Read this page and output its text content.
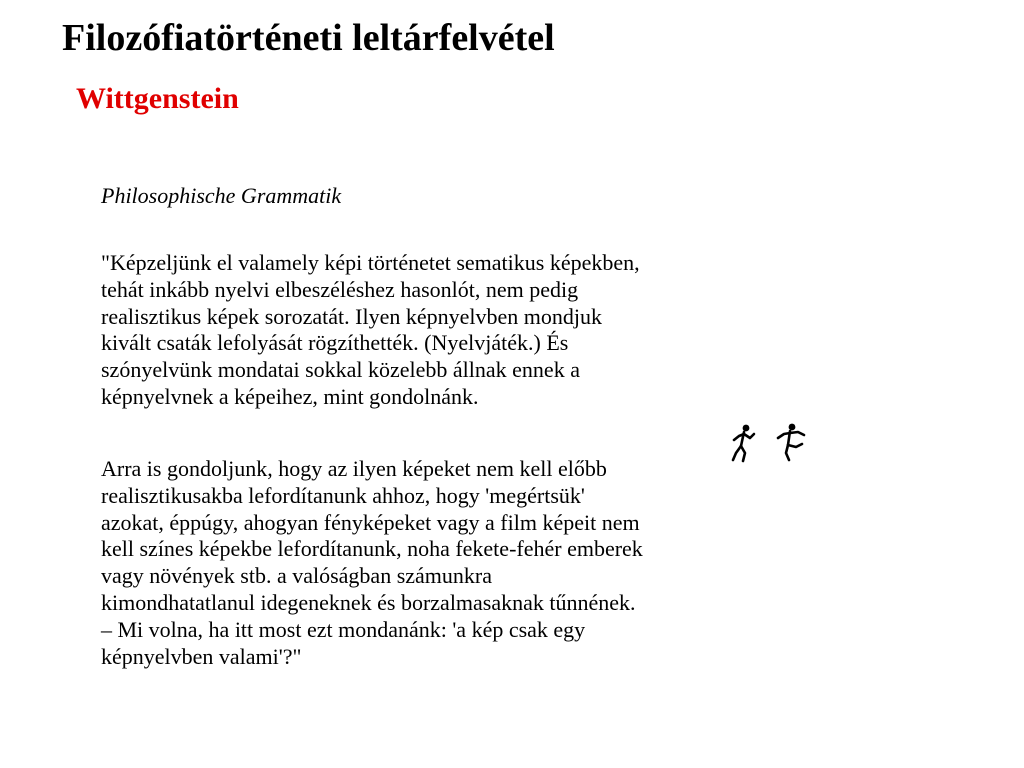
Filozófiatörténeti leltárfelvétel
Wittgenstein

Philosophische Grammatik

"Képzeljünk el valamely képi történetet sematikus képekben,
tehát inkább nyelvi elbeszéléshez hasonlót, nem pedig
realisztikus képek sorozatát. Ilyen képnyelvben mondjuk
kivált csaták lefolyását rögzíthették. (Nyelvjáték.) És
szónyelvünk mondatai sokkal közelebb állnak ennek a
képnyelvnek a képeihez, mint gondolnánk.

Arra is gondoljunk, hogy az ilyen képeket nem kell előbb
realisztikusakba lefordítanunk ahhoz, hogy 'megértsük'
azokat, éppúgy, ahogyan fényképeket vagy a film képeit nem
kell színes képekbe lefordítanunk, noha fekete-fehér emberek
vagy növények stb. a valóságban számunkra
kimondhatatlanul idegeneknek és borzalmasaknak tűnnének.
– Mi volna, ha itt most ezt mondanánk: 'a kép csak egy
képnyelvben valami'?"
